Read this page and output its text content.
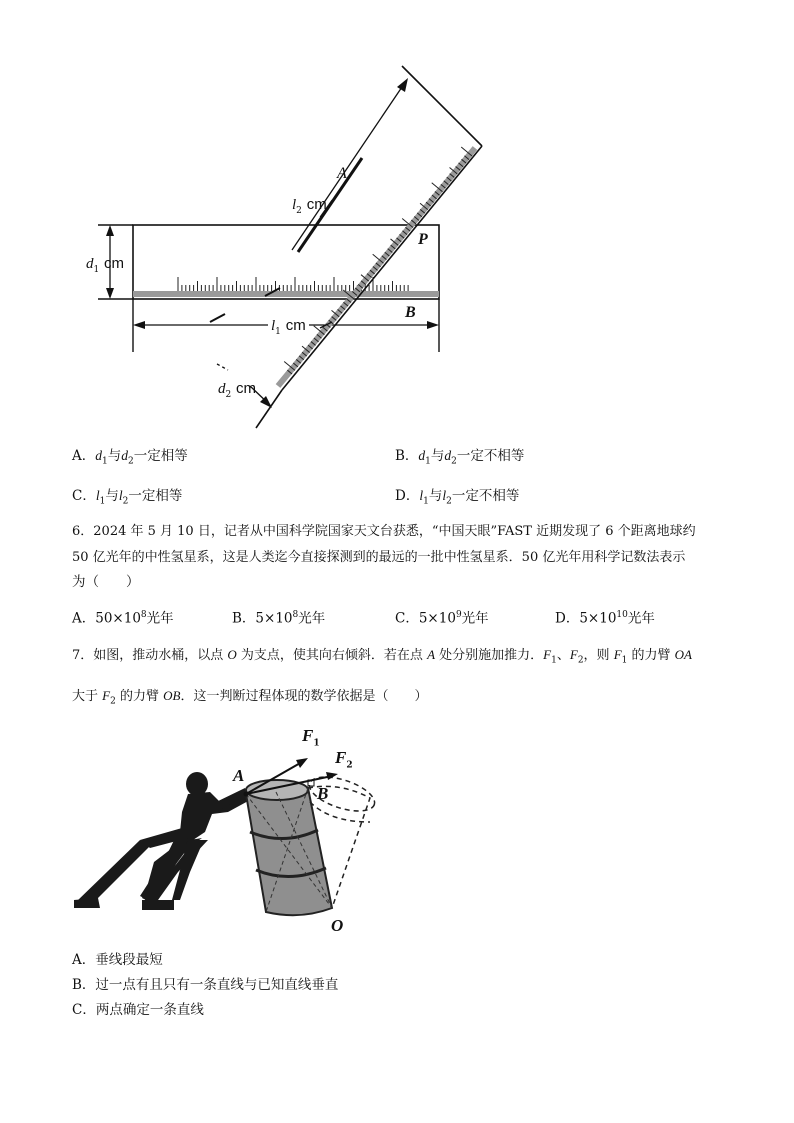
A
P
B
$l_2$ cm
$l_1$ cm
$d_1$ cm
$d_2$ cm
A．$d_1$与$d_2$一定相等	B．$d_1$与$d_2$一定不相等
C．$l_1$与$l_2$一定相等	D．$l_1$与$l_2$一定不相等
6．2024 年 5 月 10 日，记者从中国科学院国家天文台获悉，“中国天眼”FAST 近期发现了 6 个距离地球约
50 亿光年的中性氢星系，这是人类迄今直接探测到的最远的一批中性氢星系．50 亿光年用科学记数法表示
为（　　）
A．$50\times 10^8$光年	B．$5\times 10^8$光年	C．$5\times 10^9$光年	D．$5\times 10^{10}$光年
7．如图，推动水桶，以点 O 为支点，使其向右倾斜．若在点 A 处分别施加推力．$F_1$、$F_2$，则 $F_1$ 的力臂 OA
大于 $F_2$ 的力臂 OB．这一判断过程体现的数学依据是（　　）
$F_1$
$F_2$
A
B
O
A．垂线段最短
B．过一点有且只有一条直线与已知直线垂直
C．两点确定一条直线
